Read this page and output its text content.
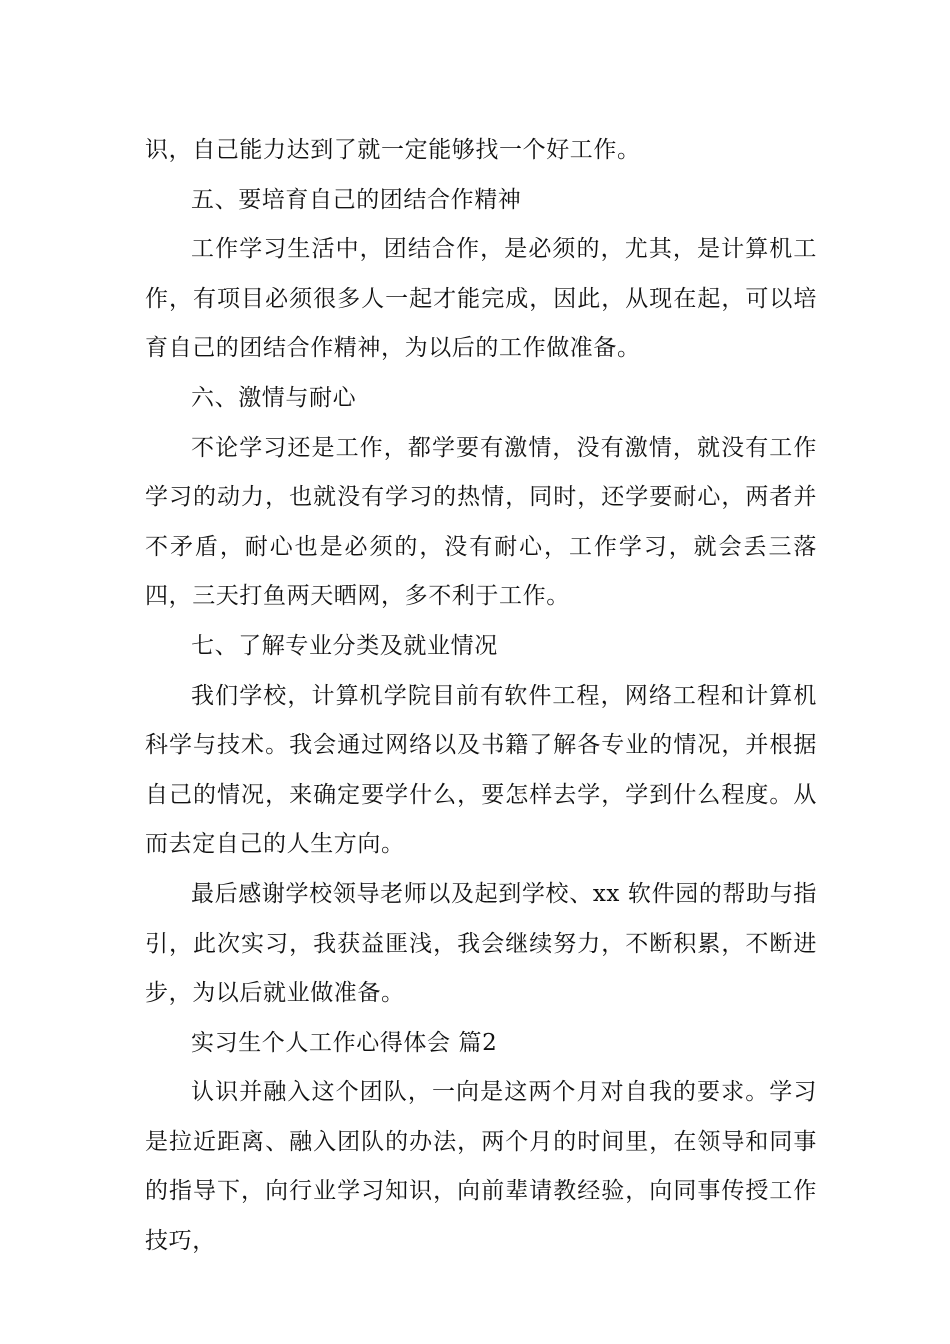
识，自己能力达到了就一定能够找一个好工作。

五、要培育自己的团结合作精神

工作学习生活中，团结合作，是必须的，尤其，是计算机工作，有项目必须很多人一起才能完成，因此，从现在起，可以培育自己的团结合作精神，为以后的工作做准备。

六、激情与耐心

不论学习还是工作，都学要有激情，没有激情，就没有工作学习的动力，也就没有学习的热情，同时，还学要耐心，两者并不矛盾，耐心也是必须的，没有耐心，工作学习，就会丢三落四，三天打鱼两天晒网，多不利于工作。

七、了解专业分类及就业情况

我们学校，计算机学院目前有软件工程，网络工程和计算机科学与技术。我会通过网络以及书籍了解各专业的情况，并根据自己的情况，来确定要学什么，要怎样去学，学到什么程度。从而去定自己的人生方向。

最后感谢学校领导老师以及起到学校、xx 软件园的帮助与指引，此次实习，我获益匪浅，我会继续努力，不断积累，不断进步，为以后就业做准备。

实习生个人工作心得体会 篇2

认识并融入这个团队，一向是这两个月对自我的要求。学习是拉近距离、融入团队的办法，两个月的时间里，在领导和同事的指导下，向行业学习知识，向前辈请教经验，向同事传授工作技巧，
